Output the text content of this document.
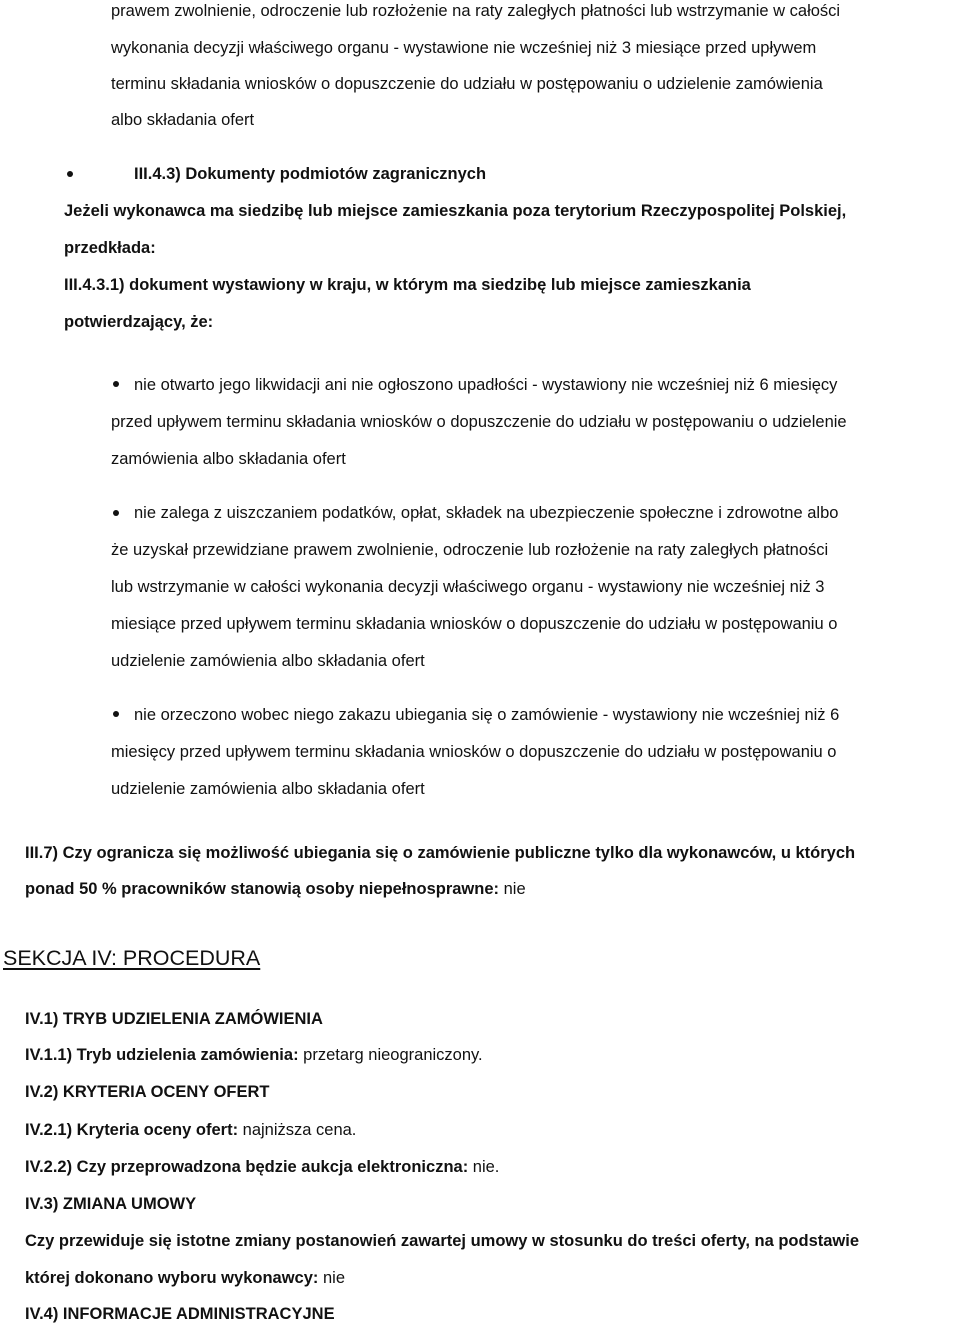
prawem zwolnienie, odroczenie lub rozłożenie na raty zaległych płatności lub wstrzymanie w całości
wykonania decyzji właściwego organu - wystawione nie wcześniej niż 3 miesiące przed upływem
terminu składania wniosków o dopuszczenie do udziału w postępowaniu o udzielenie zamówienia
albo składania ofert
III.4.3) Dokumenty podmiotów zagranicznych
Jeżeli wykonawca ma siedzibę lub miejsce zamieszkania poza terytorium Rzeczypospolitej Polskiej,
przedkłada:
III.4.3.1) dokument wystawiony w kraju, w którym ma siedzibę lub miejsce zamieszkania
potwierdzający, że:
nie otwarto jego likwidacji ani nie ogłoszono upadłości - wystawiony nie wcześniej niż 6 miesięcy
przed upływem terminu składania wniosków o dopuszczenie do udziału w postępowaniu o udzielenie
zamówienia albo składania ofert
nie zalega z uiszczaniem podatków, opłat, składek na ubezpieczenie społeczne i zdrowotne albo
że uzyskał przewidziane prawem zwolnienie, odroczenie lub rozłożenie na raty zaległych płatności
lub wstrzymanie w całości wykonania decyzji właściwego organu - wystawiony nie wcześniej niż 3
miesiące przed upływem terminu składania wniosków o dopuszczenie do udziału w postępowaniu o
udzielenie zamówienia albo składania ofert
nie orzeczono wobec niego zakazu ubiegania się o zamówienie - wystawiony nie wcześniej niż 6
miesięcy przed upływem terminu składania wniosków o dopuszczenie do udziału w postępowaniu o
udzielenie zamówienia albo składania ofert
III.7) Czy ogranicza się możliwość ubiegania się o zamówienie publiczne tylko dla wykonawców, u których
ponad 50 % pracowników stanowią osoby niepełnosprawne: nie
SEKCJA IV: PROCEDURA
IV.1) TRYB UDZIELENIA ZAMÓWIENIA
IV.1.1) Tryb udzielenia zamówienia: przetarg nieograniczony.
IV.2) KRYTERIA OCENY OFERT
IV.2.1) Kryteria oceny ofert: najniższa cena.
IV.2.2) Czy przeprowadzona będzie aukcja elektroniczna: nie.
IV.3) ZMIANA UMOWY
Czy przewiduje się istotne zmiany postanowień zawartej umowy w stosunku do treści oferty, na podstawie
której dokonano wyboru wykonawcy: nie
IV.4) INFORMACJE ADMINISTRACYJNE
